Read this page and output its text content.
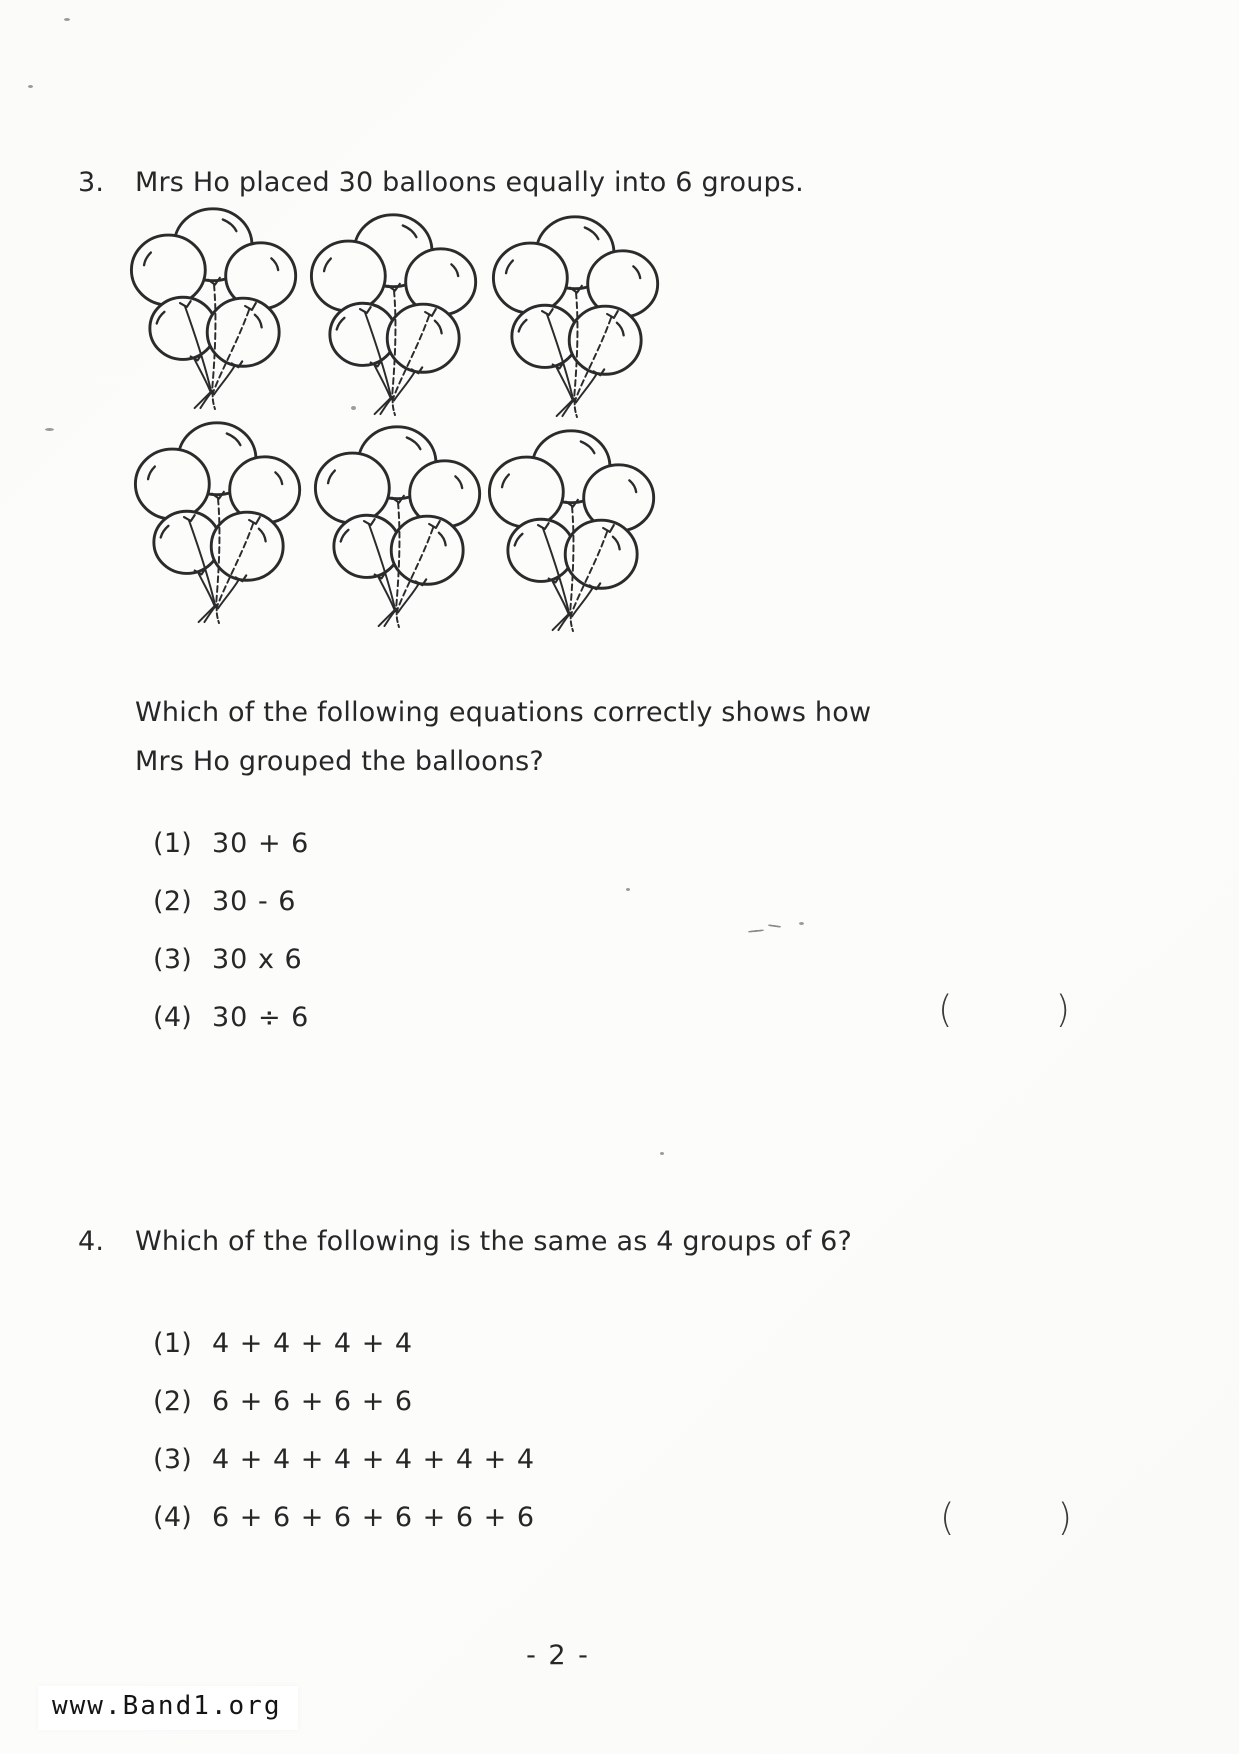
3.	Mrs Ho placed 30 balloons equally into 6 groups.
Which of the following equations correctly shows how
Mrs Ho grouped the balloons?
(1) 30 + 6
(2) 30 - 6
(3) 30 x 6
(4) 30 ÷ 6	(	)
4.	Which of the following is the same as 4 groups of 6?
(1) 4 + 4 + 4 + 4
(2) 6 + 6 + 6 + 6
(3) 4 + 4 + 4 + 4 + 4 + 4
(4) 6 + 6 + 6 + 6 + 6 + 6	(	)
- 2 -
www.Band1.org
